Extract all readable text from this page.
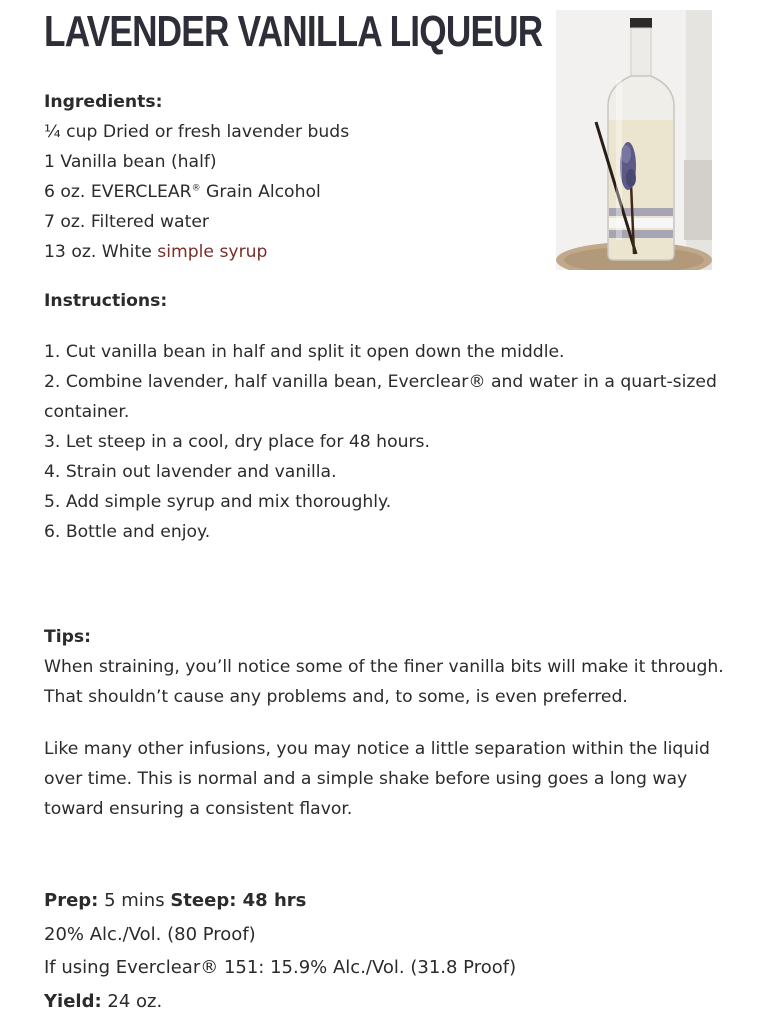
LAVENDER VANILLA LIQUEUR
Ingredients:
¼ cup Dried or fresh lavender buds
1 Vanilla bean (half)
6 oz. EVERCLEAR® Grain Alcohol
7 oz. Filtered water
13 oz. White simple syrup
Instructions:
1. Cut vanilla bean in half and split it open down the middle.
2. Combine lavender, half vanilla bean, Everclear® and water in a quart-sized
container.
3. Let steep in a cool, dry place for 48 hours.
4. Strain out lavender and vanilla.
5. Add simple syrup and mix thoroughly.
6. Bottle and enjoy.
Tips:
When straining, you’ll notice some of the finer vanilla bits will make it through.
That shouldn’t cause any problems and, to some, is even preferred.
Like many other infusions, you may notice a little separation within the liquid
over time. This is normal and a simple shake before using goes a long way
toward ensuring a consistent flavor.
Prep: 5 mins Steep: 48 hrs
20% Alc./Vol. (80 Proof)
If using Everclear® 151: 15.9% Alc./Vol. (31.8 Proof)
Yield: 24 oz.
